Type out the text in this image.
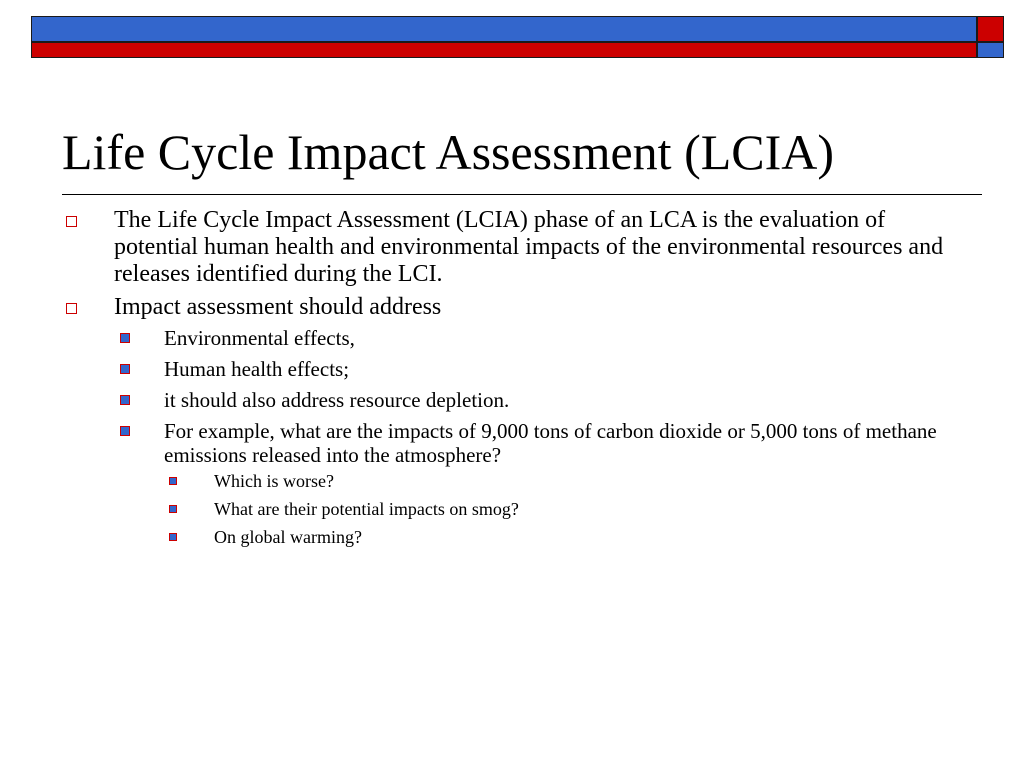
Life Cycle Impact Assessment (LCIA)
The Life Cycle Impact Assessment (LCIA) phase of an LCA is the evaluation of potential human health and environmental impacts of the environmental resources and releases identified during the LCI.
Impact assessment should address
Environmental effects,
Human health effects;
it should also address resource depletion.
For example, what are the impacts of 9,000 tons of carbon dioxide or 5,000 tons of methane emissions released into the atmosphere?
Which is worse?
What are their potential impacts on smog?
On global warming?
